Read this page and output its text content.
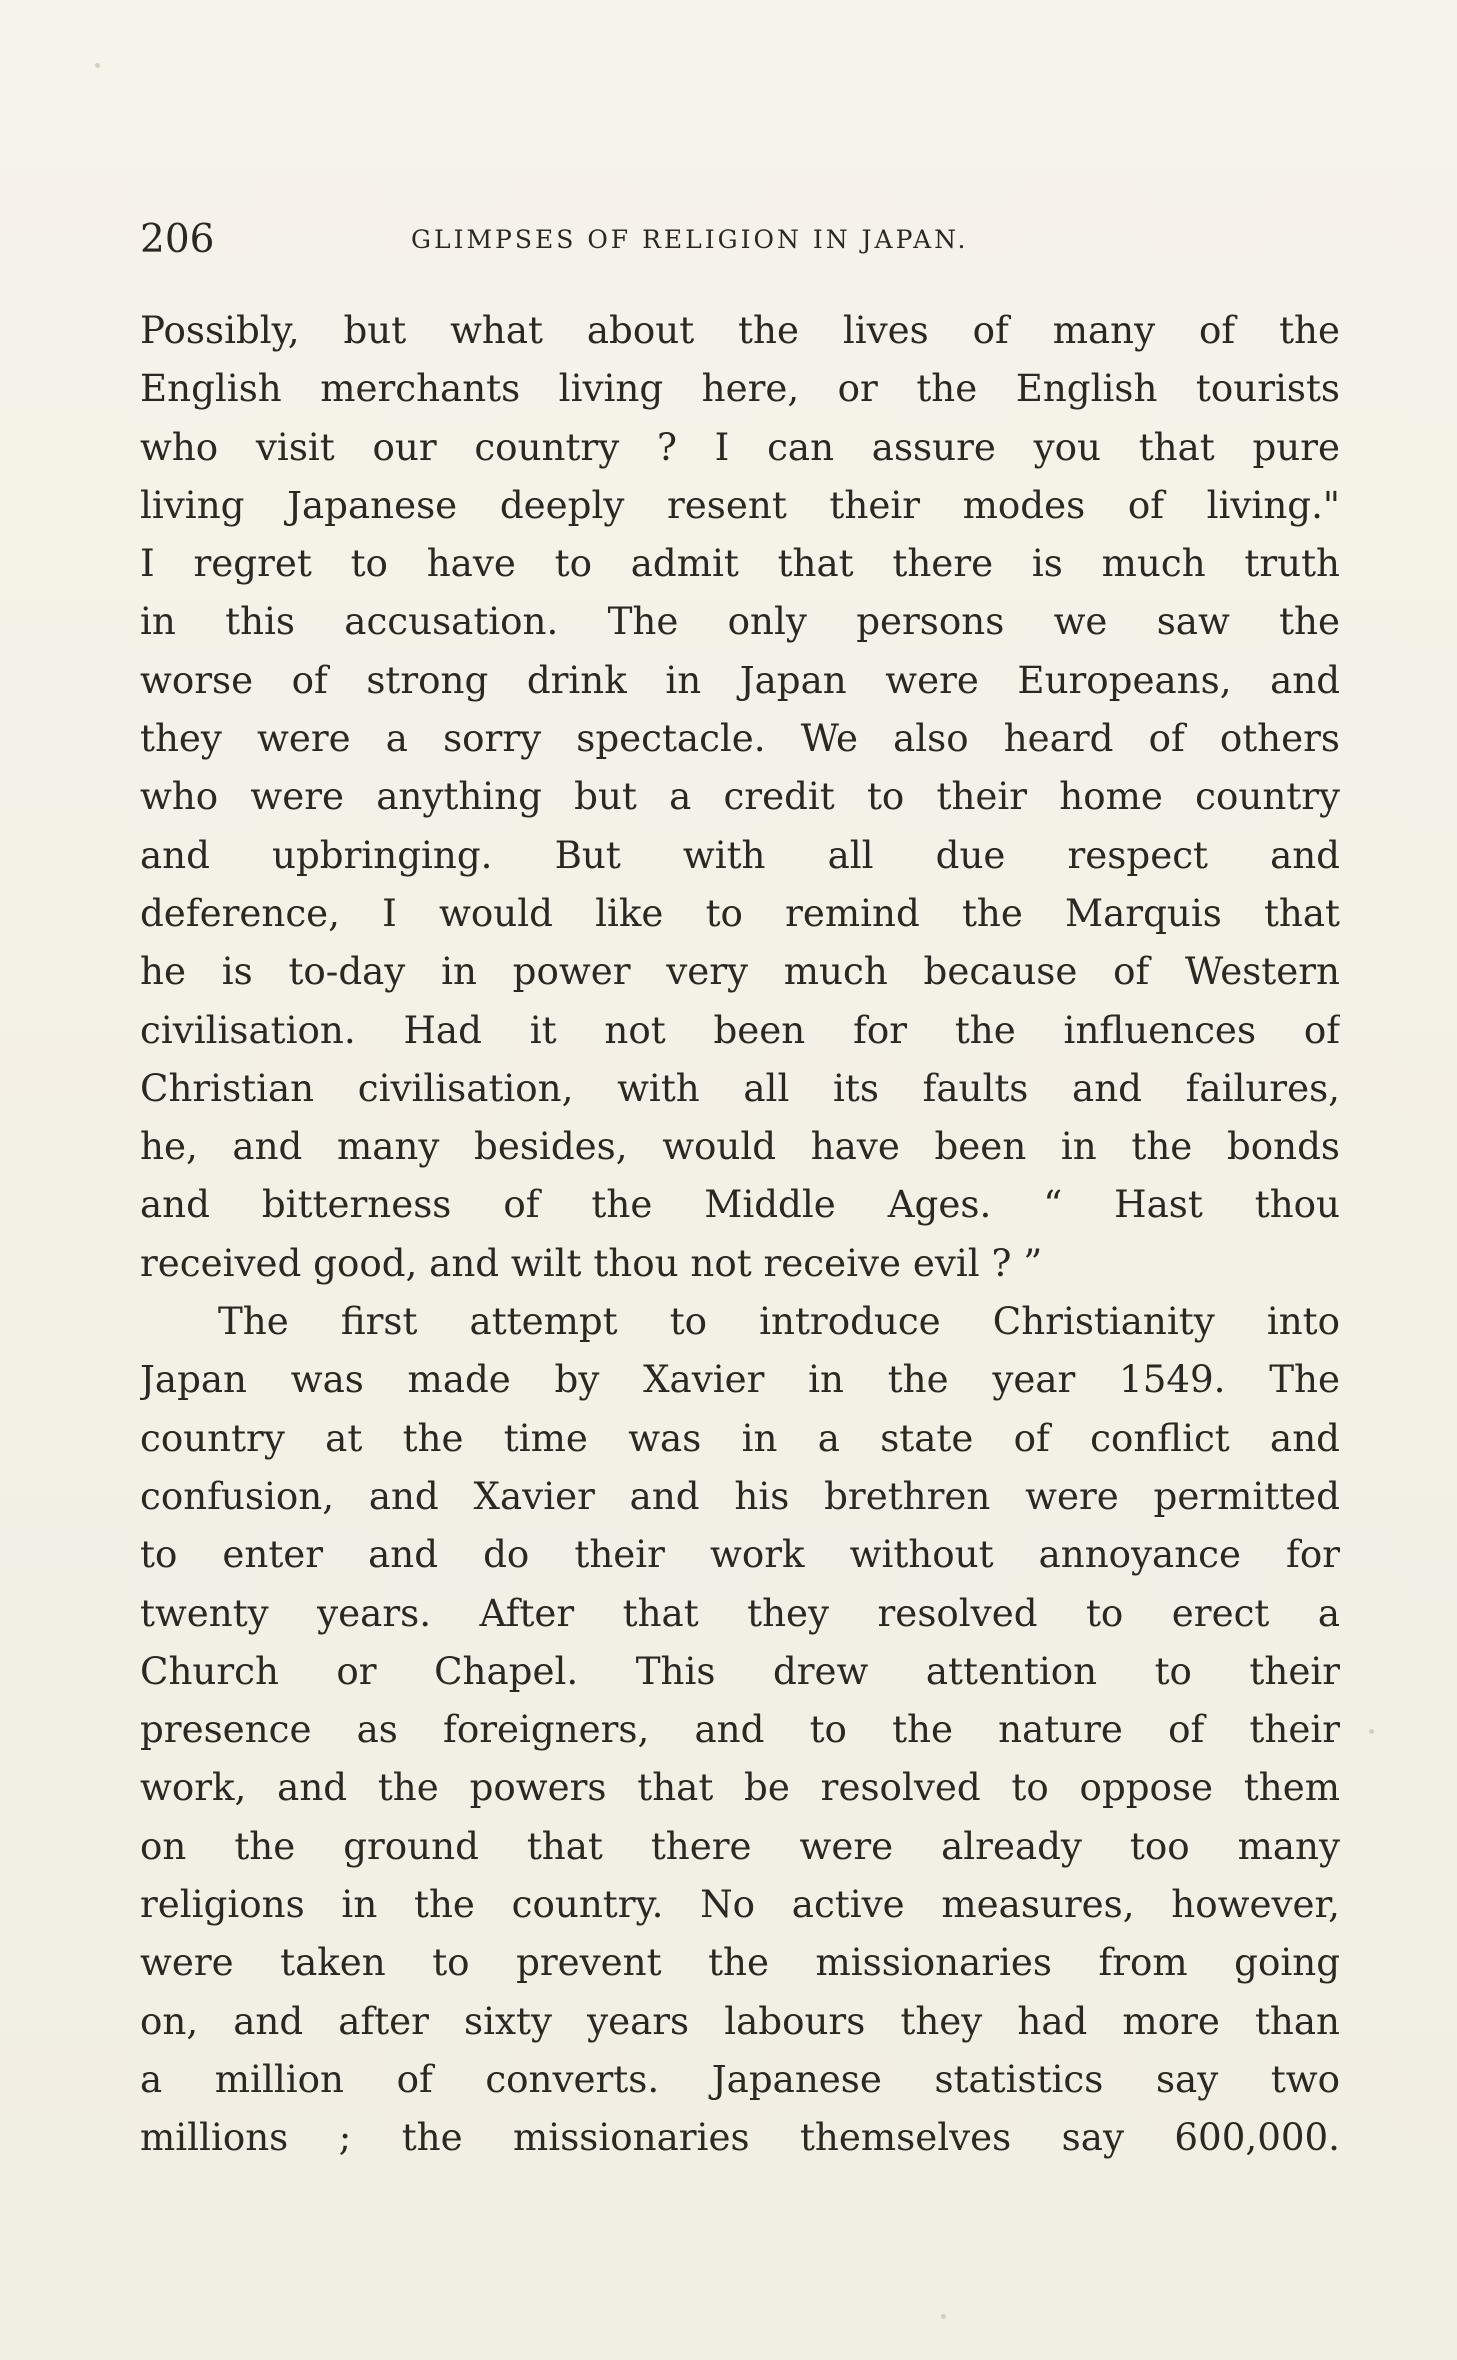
206	GLIMPSES OF RELIGION IN JAPAN.
Possibly, but what about the lives of many of the
English merchants living here, or the English tourists
who visit our country ? I can assure you that pure
living Japanese deeply resent their modes of living."
I regret to have to admit that there is much truth
in this accusation. The only persons we saw the
worse of strong drink in Japan were Europeans, and
they were a sorry spectacle. We also heard of others
who were anything but a credit to their home country
and upbringing. But with all due respect and
deference, I would like to remind the Marquis that
he is to-day in power very much because of Western
civilisation. Had it not been for the influences of
Christian civilisation, with all its faults and failures,
he, and many besides, would have been in the bonds
and bitterness of the Middle Ages. “ Hast thou
received good, and wilt thou not receive evil ? ”
The first attempt to introduce Christianity into
Japan was made by Xavier in the year 1549. The
country at the time was in a state of conflict and
confusion, and Xavier and his brethren were permitted
to enter and do their work without annoyance for
twenty years. After that they resolved to erect a
Church or Chapel. This drew attention to their
presence as foreigners, and to the nature of their
work, and the powers that be resolved to oppose them
on the ground that there were already too many
religions in the country. No active measures, however,
were taken to prevent the missionaries from going
on, and after sixty years labours they had more than
a million of converts. Japanese statistics say two
millions ; the missionaries themselves say 600,000.
